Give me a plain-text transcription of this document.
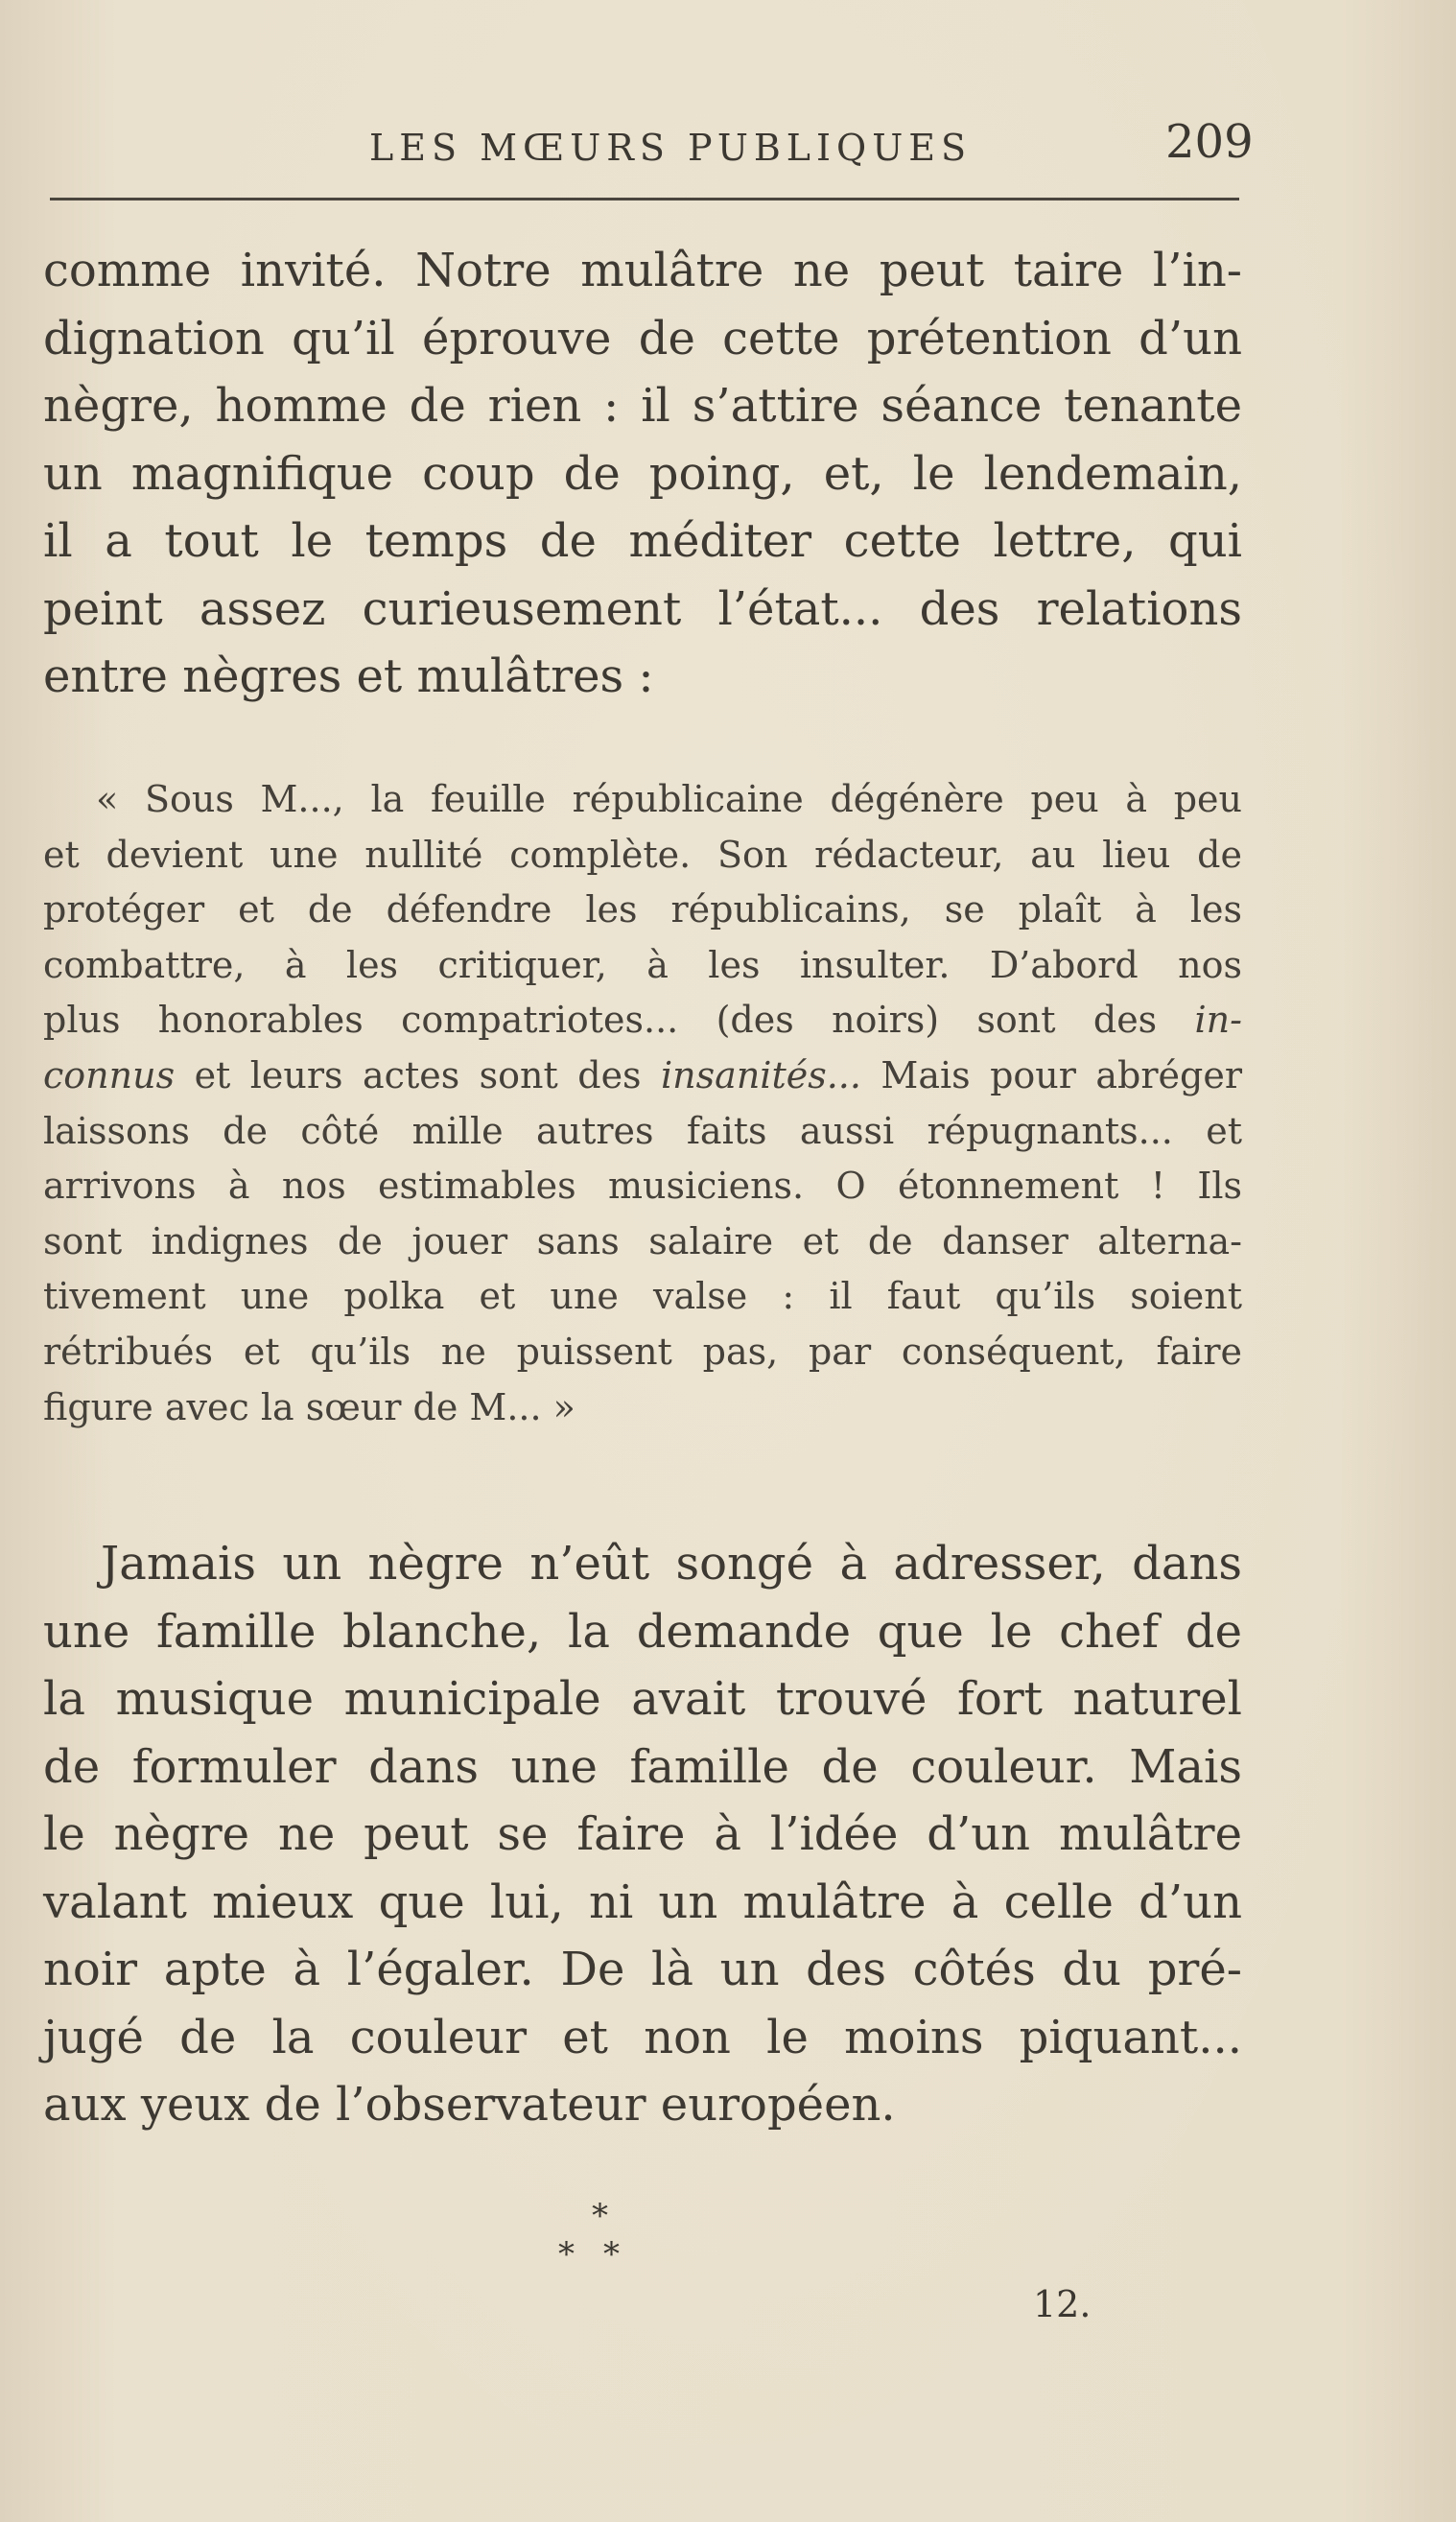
LES MŒURS PUBLIQUES	209
comme invité. Notre mulâtre ne peut taire l’in-
dignation qu’il éprouve de cette prétention d’un
nègre, homme de rien : il s’attire séance tenante
un magnifique coup de poing, et, le lendemain,
il a tout le temps de méditer cette lettre, qui
peint assez curieusement l’état... des relations
entre nègres et mulâtres :
« Sous M..., la feuille républicaine dégénère peu à peu
et devient une nullité complète. Son rédacteur, au lieu de
protéger et de défendre les républicains, se plaît à les
combattre, à les critiquer, à les insulter. D’abord nos
plus honorables compatriotes... (des noirs) sont des in-
connus et leurs actes sont des insanités... Mais pour abréger
laissons de côté mille autres faits aussi répugnants... et
arrivons à nos estimables musiciens. O étonnement ! Ils
sont indignes de jouer sans salaire et de danser alterna-
tivement une polka et une valse : il faut qu’ils soient
rétribués et qu’ils ne puissent pas, par conséquent, faire
figure avec la sœur de M... »
Jamais un nègre n’eût songé à adresser, dans
une famille blanche, la demande que le chef de
la musique municipale avait trouvé fort naturel
de formuler dans une famille de couleur. Mais
le nègre ne peut se faire à l’idée d’un mulâtre
valant mieux que lui, ni un mulâtre à celle d’un
noir apte à l’égaler. De là un des côtés du pré-
jugé de la couleur et non le moins piquant...
aux yeux de l’observateur européen.
*
**
12.
